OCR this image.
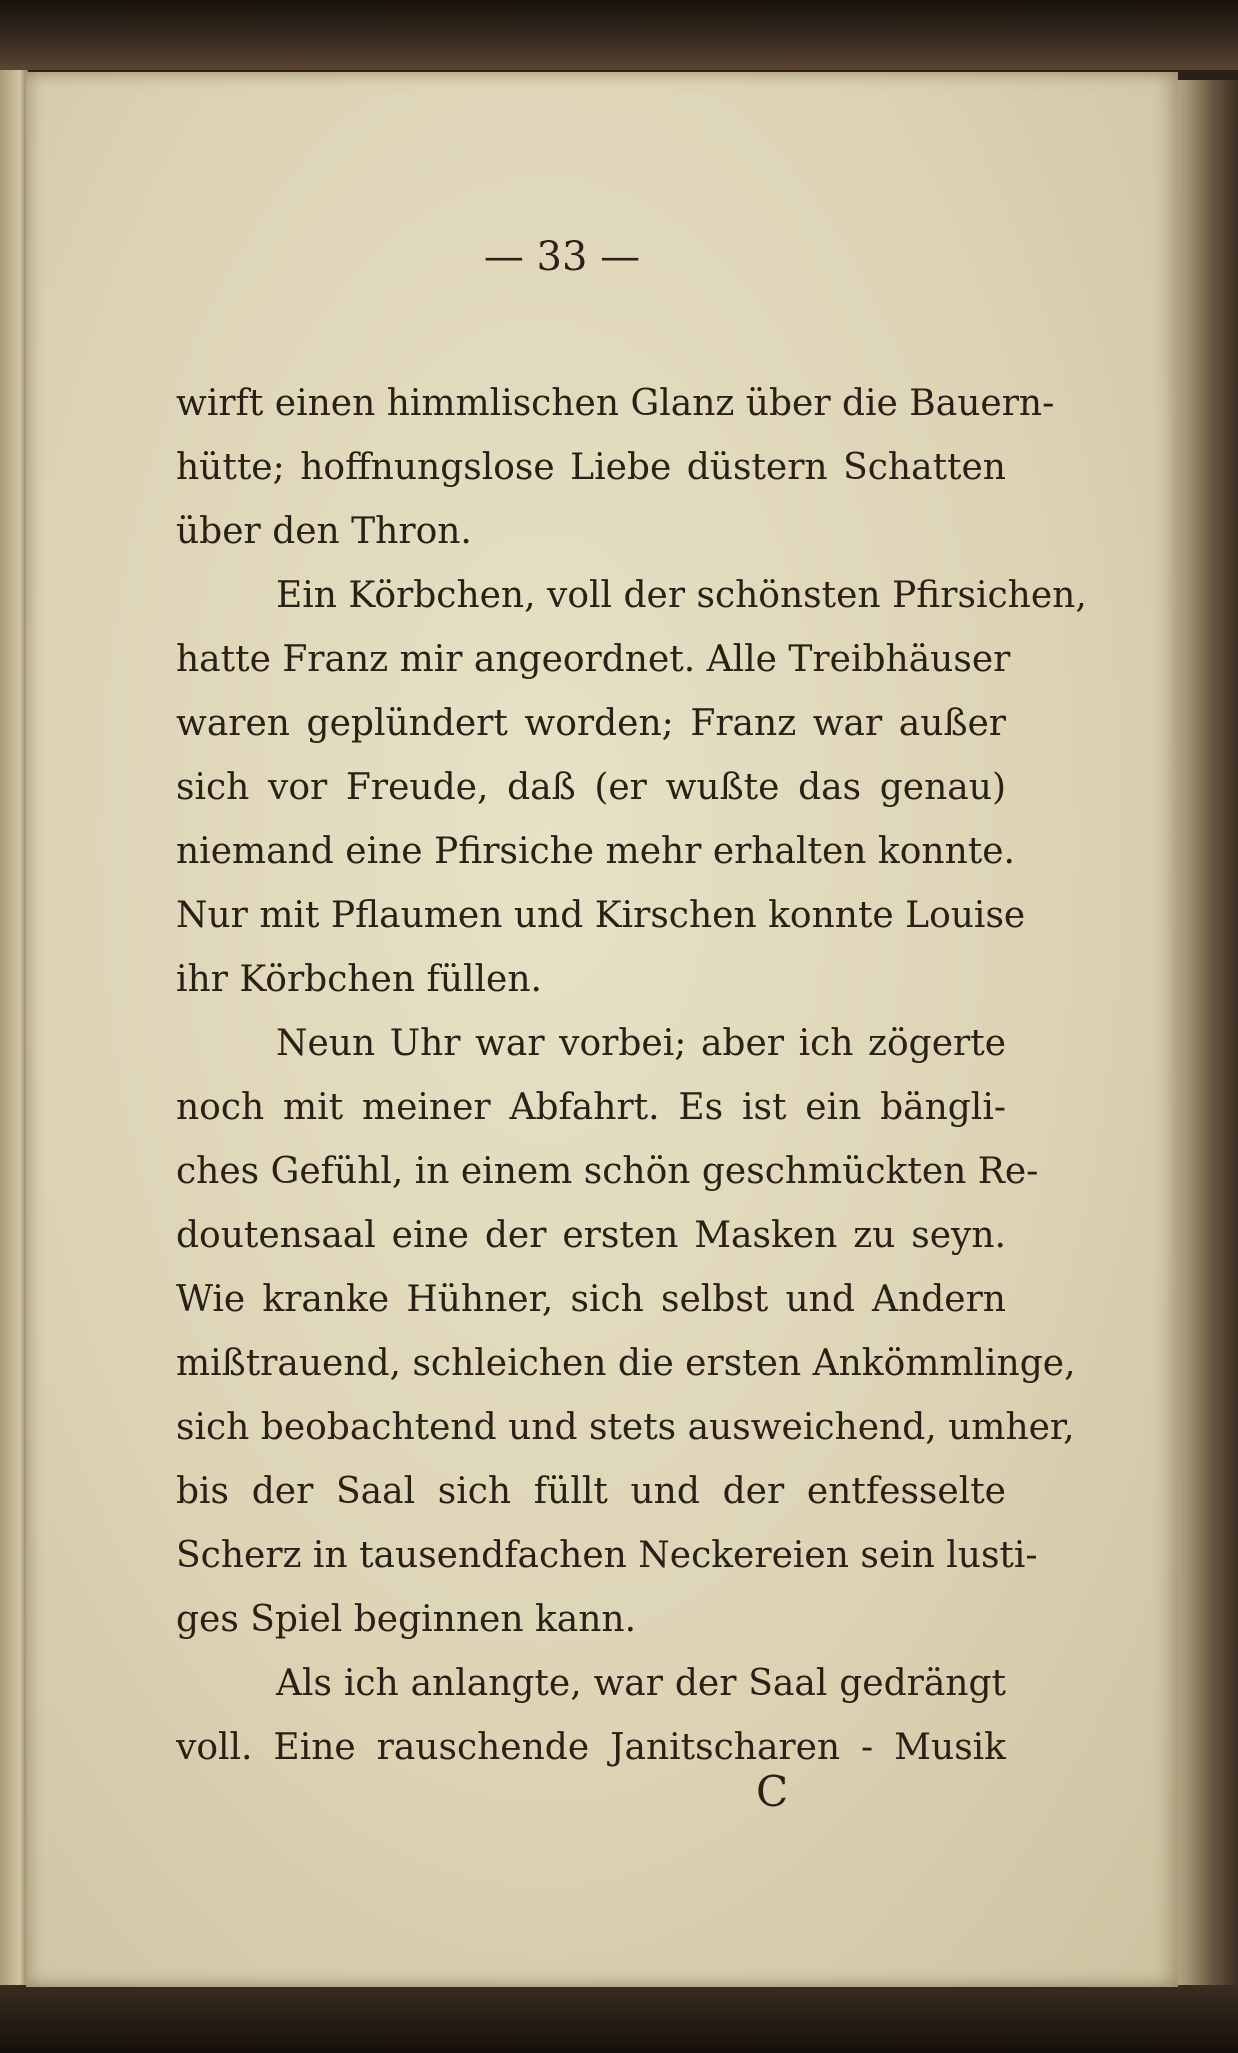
— 33 —
wirft einen himmlischen Glanz über die Bauern-
hütte; hoffnungslose Liebe düstern Schatten
über den Thron.
Ein Körbchen, voll der schönsten Pfirsichen,
hatte Franz mir angeordnet. Alle Treibhäuser
waren geplündert worden; Franz war außer
sich vor Freude, daß (er wußte das genau)
niemand eine Pfirsiche mehr erhalten konnte.
Nur mit Pflaumen und Kirschen konnte Louise
ihr Körbchen füllen.
Neun Uhr war vorbei; aber ich zögerte
noch mit meiner Abfahrt. Es ist ein bängli-
ches Gefühl, in einem schön geschmückten Re-
doutensaal eine der ersten Masken zu seyn.
Wie kranke Hühner, sich selbst und Andern
mißtrauend, schleichen die ersten Ankömmlinge,
sich beobachtend und stets ausweichend, umher,
bis der Saal sich füllt und der entfesselte
Scherz in tausendfachen Neckereien sein lusti-
ges Spiel beginnen kann.
Als ich anlangte, war der Saal gedrängt
voll. Eine rauschende Janitscharen - Musik
C
